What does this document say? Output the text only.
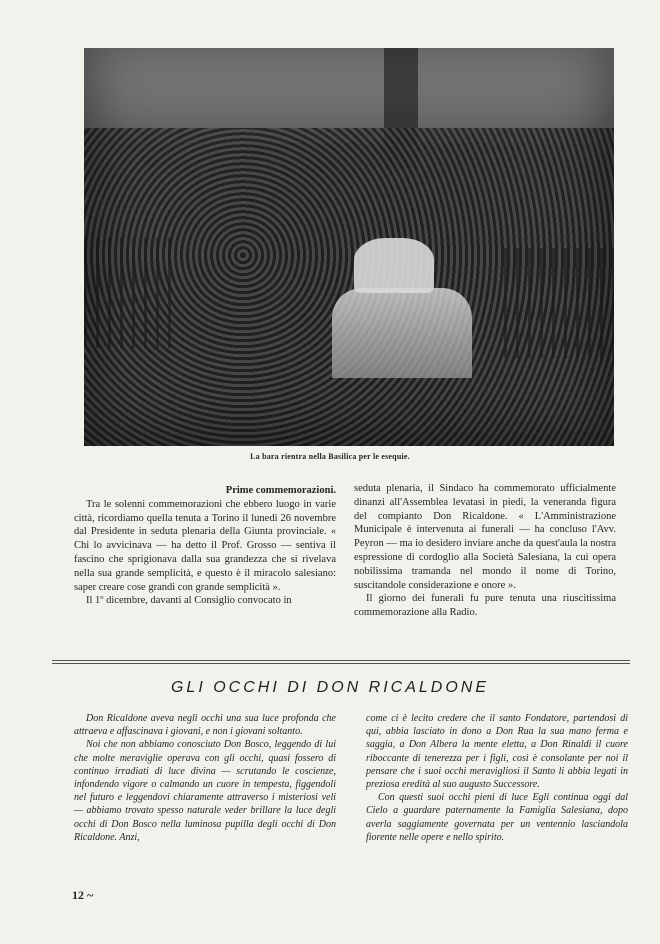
La bara rientra nella Basilica per le esequie.

Prime commemorazioni.

Tra le solenni commemorazioni che ebbero luogo in varie città, ricordiamo quella tenuta a Torino il lunedì 26 novembre dal Presidente in seduta plenaria della Giunta provinciale. « Chi lo avvicinava — ha detto il Prof. Grosso — sentiva il fascino che sprigionava dalla sua grandezza che si rivelava nella sua grande semplicità, e questo è il miracolo salesiano: saper creare cose grandi con grande semplicità ».

Il 1º dicembre, davanti al Consiglio convocato in

seduta plenaria, il Sindaco ha commemorato ufficialmente dinanzi all'Assemblea levatasi in piedi, la veneranda figura del compianto Don Ricaldone. « L'Amministrazione Municipale è intervenuta ai funerali — ha concluso l'Avv. Peyron — ma io desidero inviare anche da quest'aula la nostra espressione di cordoglio alla Società Salesiana, la cui opera nobilissima tramanda nel mondo il nome di Torino, suscitandole considerazione e onore ».

Il giorno dei funerali fu pure tenuta una riuscitissima commemorazione alla Radio.

GLI OCCHI DI DON RICALDONE

Don Ricaldone aveva negli occhi una sua luce profonda che attraeva e affascinava i giovani, e non i giovani soltanto.

Noi che non abbiamo conosciuto Don Bosco, leggendo di lui che molte meraviglie operava con gli occhi, quasi fossero di continuo irradiati di luce divina — scrutando le coscienze, infondendo vigore o calmando un cuore in tempesta, figgendoli nel futuro e leggendovi chiaramente attraverso i misteriosi veli — abbiamo trovato spesso naturale veder brillare la luce degli occhi di Don Bosco nella luminosa pupilla degli occhi di Don Ricaldone. Anzi,

come ci è lecito credere che il santo Fondatore, partendosi di qui, abbia lasciato in dono a Don Rua la sua mano ferma e saggia, a Don Albera la mente eletta, a Don Rinaldi il cuore riboccante di tenerezza per i figli, così è consolante per noi il pensare che i suoi occhi meravigliosi il Santo li abbia legati in preziosa eredità al suo augusto Successore.

Con questi suoi occhi pieni di luce Egli continua oggi dal Cielo a guardare paternamente la Famiglia Salesiana, dopo averla saggiamente governata per un ventennio lasciandola fiorente nelle opere e nello spirito.

12 ~
